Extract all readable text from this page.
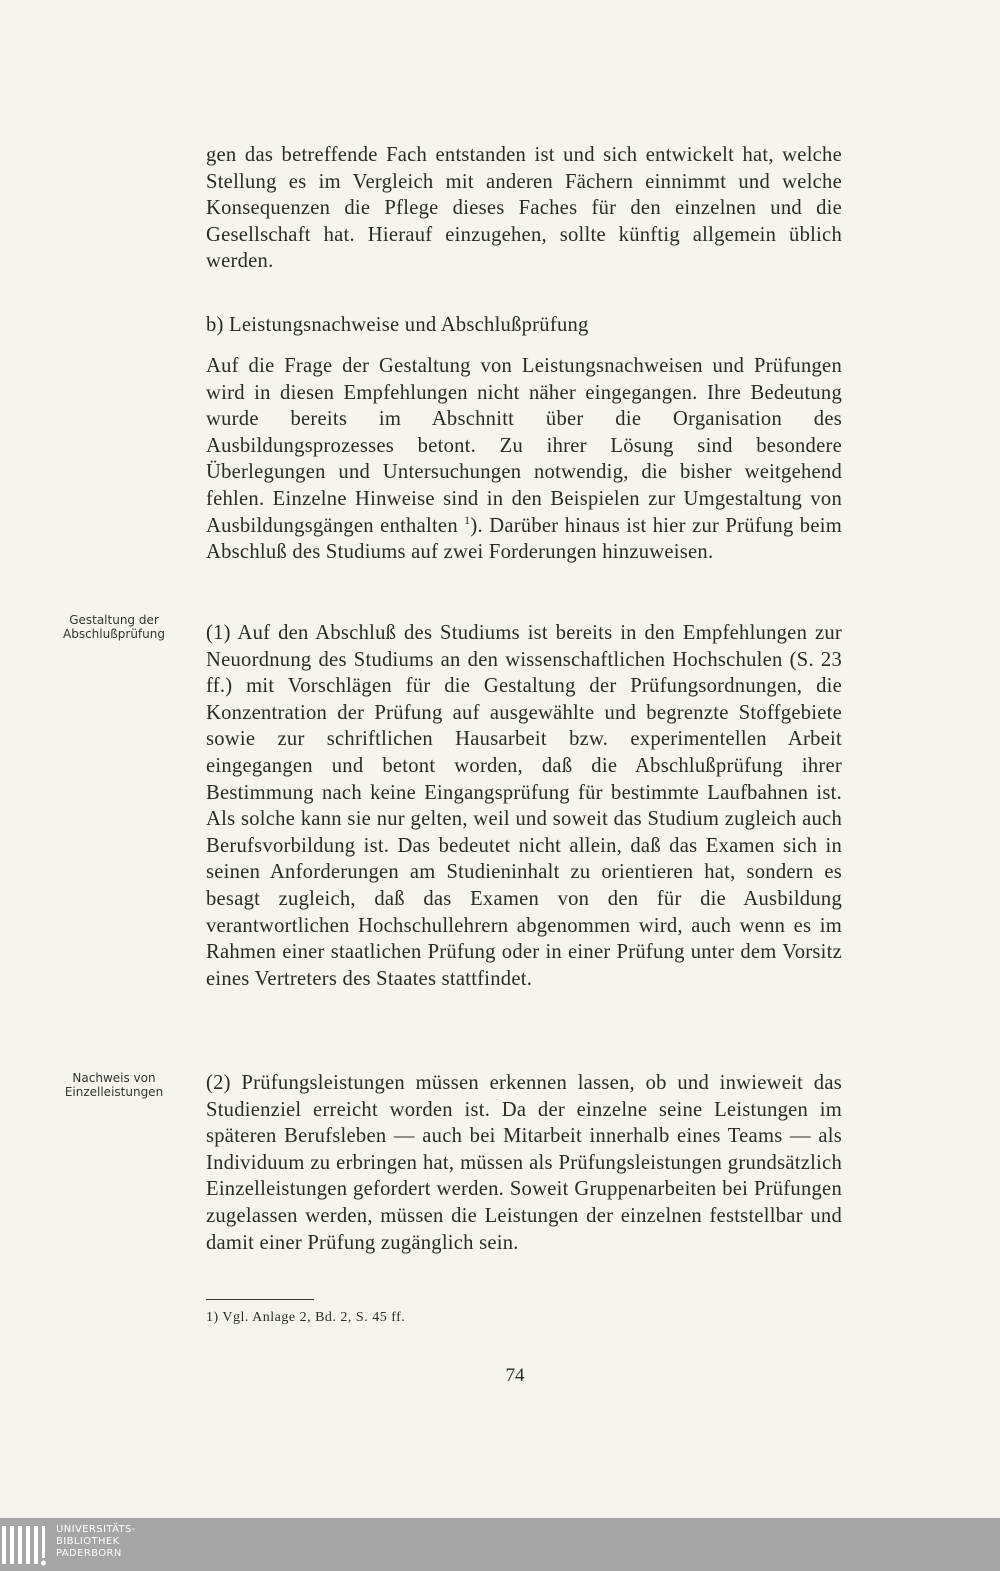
gen das betreffende Fach entstanden ist und sich entwickelt hat, welche Stellung es im Vergleich mit anderen Fächern einnimmt und welche Konsequenzen die Pflege dieses Faches für den einzelnen und die Gesellschaft hat. Hierauf einzugehen, sollte künftig allgemein üblich werden.

b) Leistungsnachweise und Abschlußprüfung

Auf die Frage der Gestaltung von Leistungsnachweisen und Prüfungen wird in diesen Empfehlungen nicht näher eingegangen. Ihre Bedeutung wurde bereits im Abschnitt über die Organisation des Ausbildungsprozesses betont. Zu ihrer Lösung sind besondere Überlegungen und Untersuchungen notwendig, die bisher weitgehend fehlen. Einzelne Hinweise sind in den Beispielen zur Umgestaltung von Ausbildungsgängen enthalten $^1$). Darüber hinaus ist hier zur Prüfung beim Abschluß des Studiums auf zwei Forderungen hinzuweisen.

Gestaltung der
Abschlußprüfung	(1) Auf den Abschluß des Studiums ist bereits in den Empfehlungen zur Neuordnung des Studiums an den wissenschaftlichen Hochschulen (S. 23 ff.) mit Vorschlägen für die Gestaltung der Prüfungsordnungen, die Konzentration der Prüfung auf ausgewählte und begrenzte Stoffgebiete sowie zur schriftlichen Hausarbeit bzw. experimentellen Arbeit eingegangen und betont worden, daß die Abschlußprüfung ihrer Bestimmung nach keine Eingangsprüfung für bestimmte Laufbahnen ist. Als solche kann sie nur gelten, weil und soweit das Studium zugleich auch Berufsvorbildung ist. Das bedeutet nicht allein, daß das Examen sich in seinen Anforderungen am Studieninhalt zu orientieren hat, sondern es besagt zugleich, daß das Examen von den für die Ausbildung verantwortlichen Hochschullehrern abgenommen wird, auch wenn es im Rahmen einer staatlichen Prüfung oder in einer Prüfung unter dem Vorsitz eines Vertreters des Staates stattfindet.

Nachweis von
Einzelleistungen	(2) Prüfungsleistungen müssen erkennen lassen, ob und inwieweit das Studienziel erreicht worden ist. Da der einzelne seine Leistungen im späteren Berufsleben — auch bei Mitarbeit innerhalb eines Teams — als Individuum zu erbringen hat, müssen als Prüfungsleistungen grundsätzlich Einzelleistungen gefordert werden. Soweit Gruppenarbeiten bei Prüfungen zugelassen werden, müssen die Leistungen der einzelnen feststellbar und damit einer Prüfung zugänglich sein.

1) Vgl. Anlage 2, Bd. 2, S. 45 ff.
74
UNIVERSITÄTS-
BIBLIOTHEK
PADERBORN
